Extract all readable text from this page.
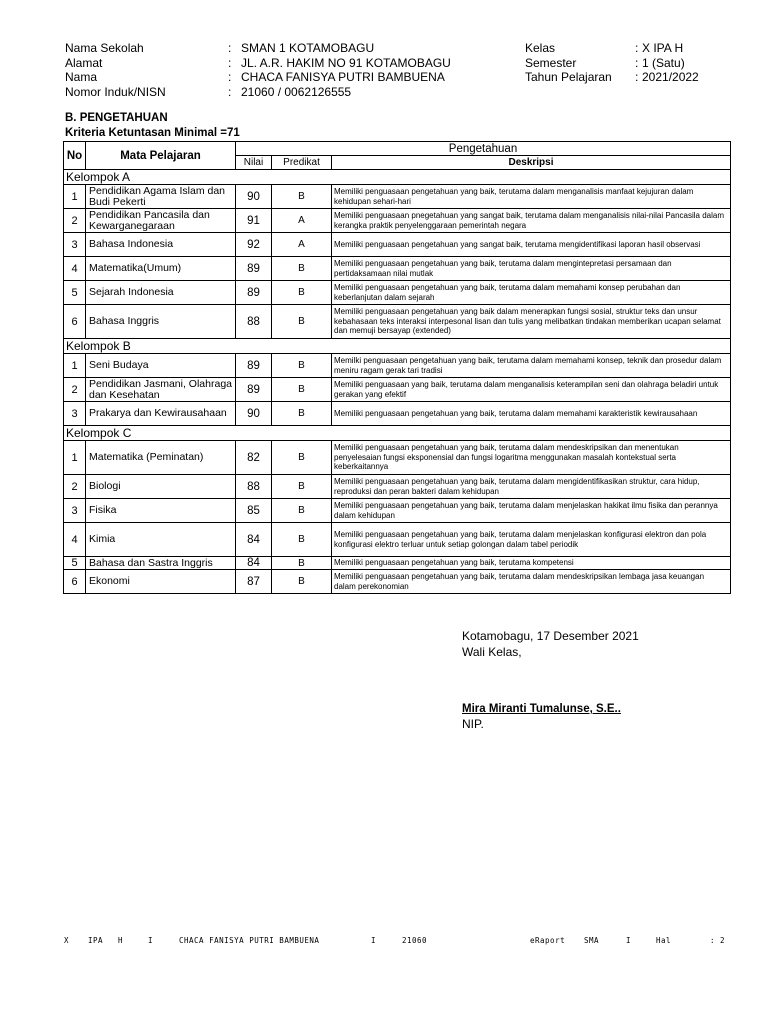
Nama Sekolah	: SMAN 1 KOTAMOBAGU
Alamat	: JL. A.R. HAKIM NO 91 KOTAMOBAGU
Nama	: CHACA FANISYA PUTRI BAMBUENA
Nomor Induk/NISN	: 21060 / 0062126555
Kelas	: X IPA H
Semester	: 1 (Satu)
Tahun Pelajaran	: 2021/2022
B. PENGETAHUAN
Kriteria Ketuntasan Minimal =71
No	Mata Pelajaran	Pengetahuan		
		Nilai	Predikat	Deskripsi
Kelompok A				
1	Pendidikan Agama Islam dan Budi Pekerti	90	B	Memiliki penguasaan pengetahuan yang baik, terutama dalam menganalisis manfaat kejujuran dalam kehidupan sehari-hari
2	Pendidikan Pancasila dan Kewarganegaraan	91	A	Memiliki penguasaan pnegetahuan yang sangat baik, terutama dalam menganalisis nilai-nilai Pancasila dalam kerangka praktik penyelenggaraan pemerintah negara
3	Bahasa Indonesia	92	A	Memiliki penguasaan pengetahuan yang sangat baik, terutama mengidentifikasi laporan hasil observasi
4	Matematika(Umum)	89	B	Memiliki penguasaan pengetahuan yang baik, terutama dalam mengintepretasi persamaan dan pertidaksamaan nilai mutlak
5	Sejarah Indonesia	89	B	Memiliki penguasaan pengetahuan yang baik, terutama dalam memahami konsep perubahan dan keberlanjutan dalam sejarah
6	Bahasa Inggris	88	B	Memiliki penguasaan pengetahuan yang baik dalam menerapkan fungsi sosial, struktur teks dan unsur kebahasaan teks interaksi interpesonal lisan dan tulis yang melibatkan tindakan memberikan ucapan selamat dan memuji bersayap (extended)
Kelompok B				
1	Seni Budaya	89	B	Memilki penguasaan pengetahuan yang baik, terutama dalam memahami konsep, teknik dan prosedur dalam meniru ragam gerak tari tradisi
2	Pendidikan Jasmani, Olahraga dan Kesehatan	89	B	Memiliki penguasaan yang baik, terutama dalam menganalisis keterampilan seni dan olahraga beladiri untuk gerakan yang efektif
3	Prakarya dan Kewirausahaan	90	B	Memiliki penguasaan pengetahuan yang baik, terutama dalam memahami karakteristik kewirausahaan
Kelompok C				
1	Matematika (Peminatan)	82	B	Memiliki penguasaan pengetahuan yang baik, terutama dalam mendeskripsikan dan menentukan penyelesaian fungsi eksponensial dan fungsi logaritma menggunakan masalah kontekstual serta keberkaitannya
2	Biologi	88	B	Memiliki penguasaan pengetahuan yang baik, terutama dalam mengidentifikasikan struktur, cara hidup, reproduksi dan peran bakteri dalam kehidupan
3	Fisika	85	B	Memiliki penguasaan pengetahuan yang baik, terutama dalam menjelaskan hakikat ilmu fisika dan perannya dalam kehidupan
4	Kimia	84	B	Memiliki penguasaan pengetahuan yang baik, terutama dalam menjelaskan konfigurasi elektron dan pola konfigurasi elektro terluar untuk setiap golongan dalam tabel periodik
5	Bahasa dan Sastra Inggris	84	B	Memiliki penguasaan pengetahuan yang baik, terutama kompetensi
6	Ekonomi	87	B	Memiliki penguasaan pengetahuan yang baik, terutama dalam mendeskripsikan lembaga jasa keuangan dalam perekonomian
Kotamobagu, 17 Desember 2021
Wali Kelas,
Mira Miranti Tumalunse, S.E..
NIP.
X	IPA H	I	CHACA FANISYA PUTRI BAMBUENA	I	21060	eRaport	SMA	I	Hal	: 2
